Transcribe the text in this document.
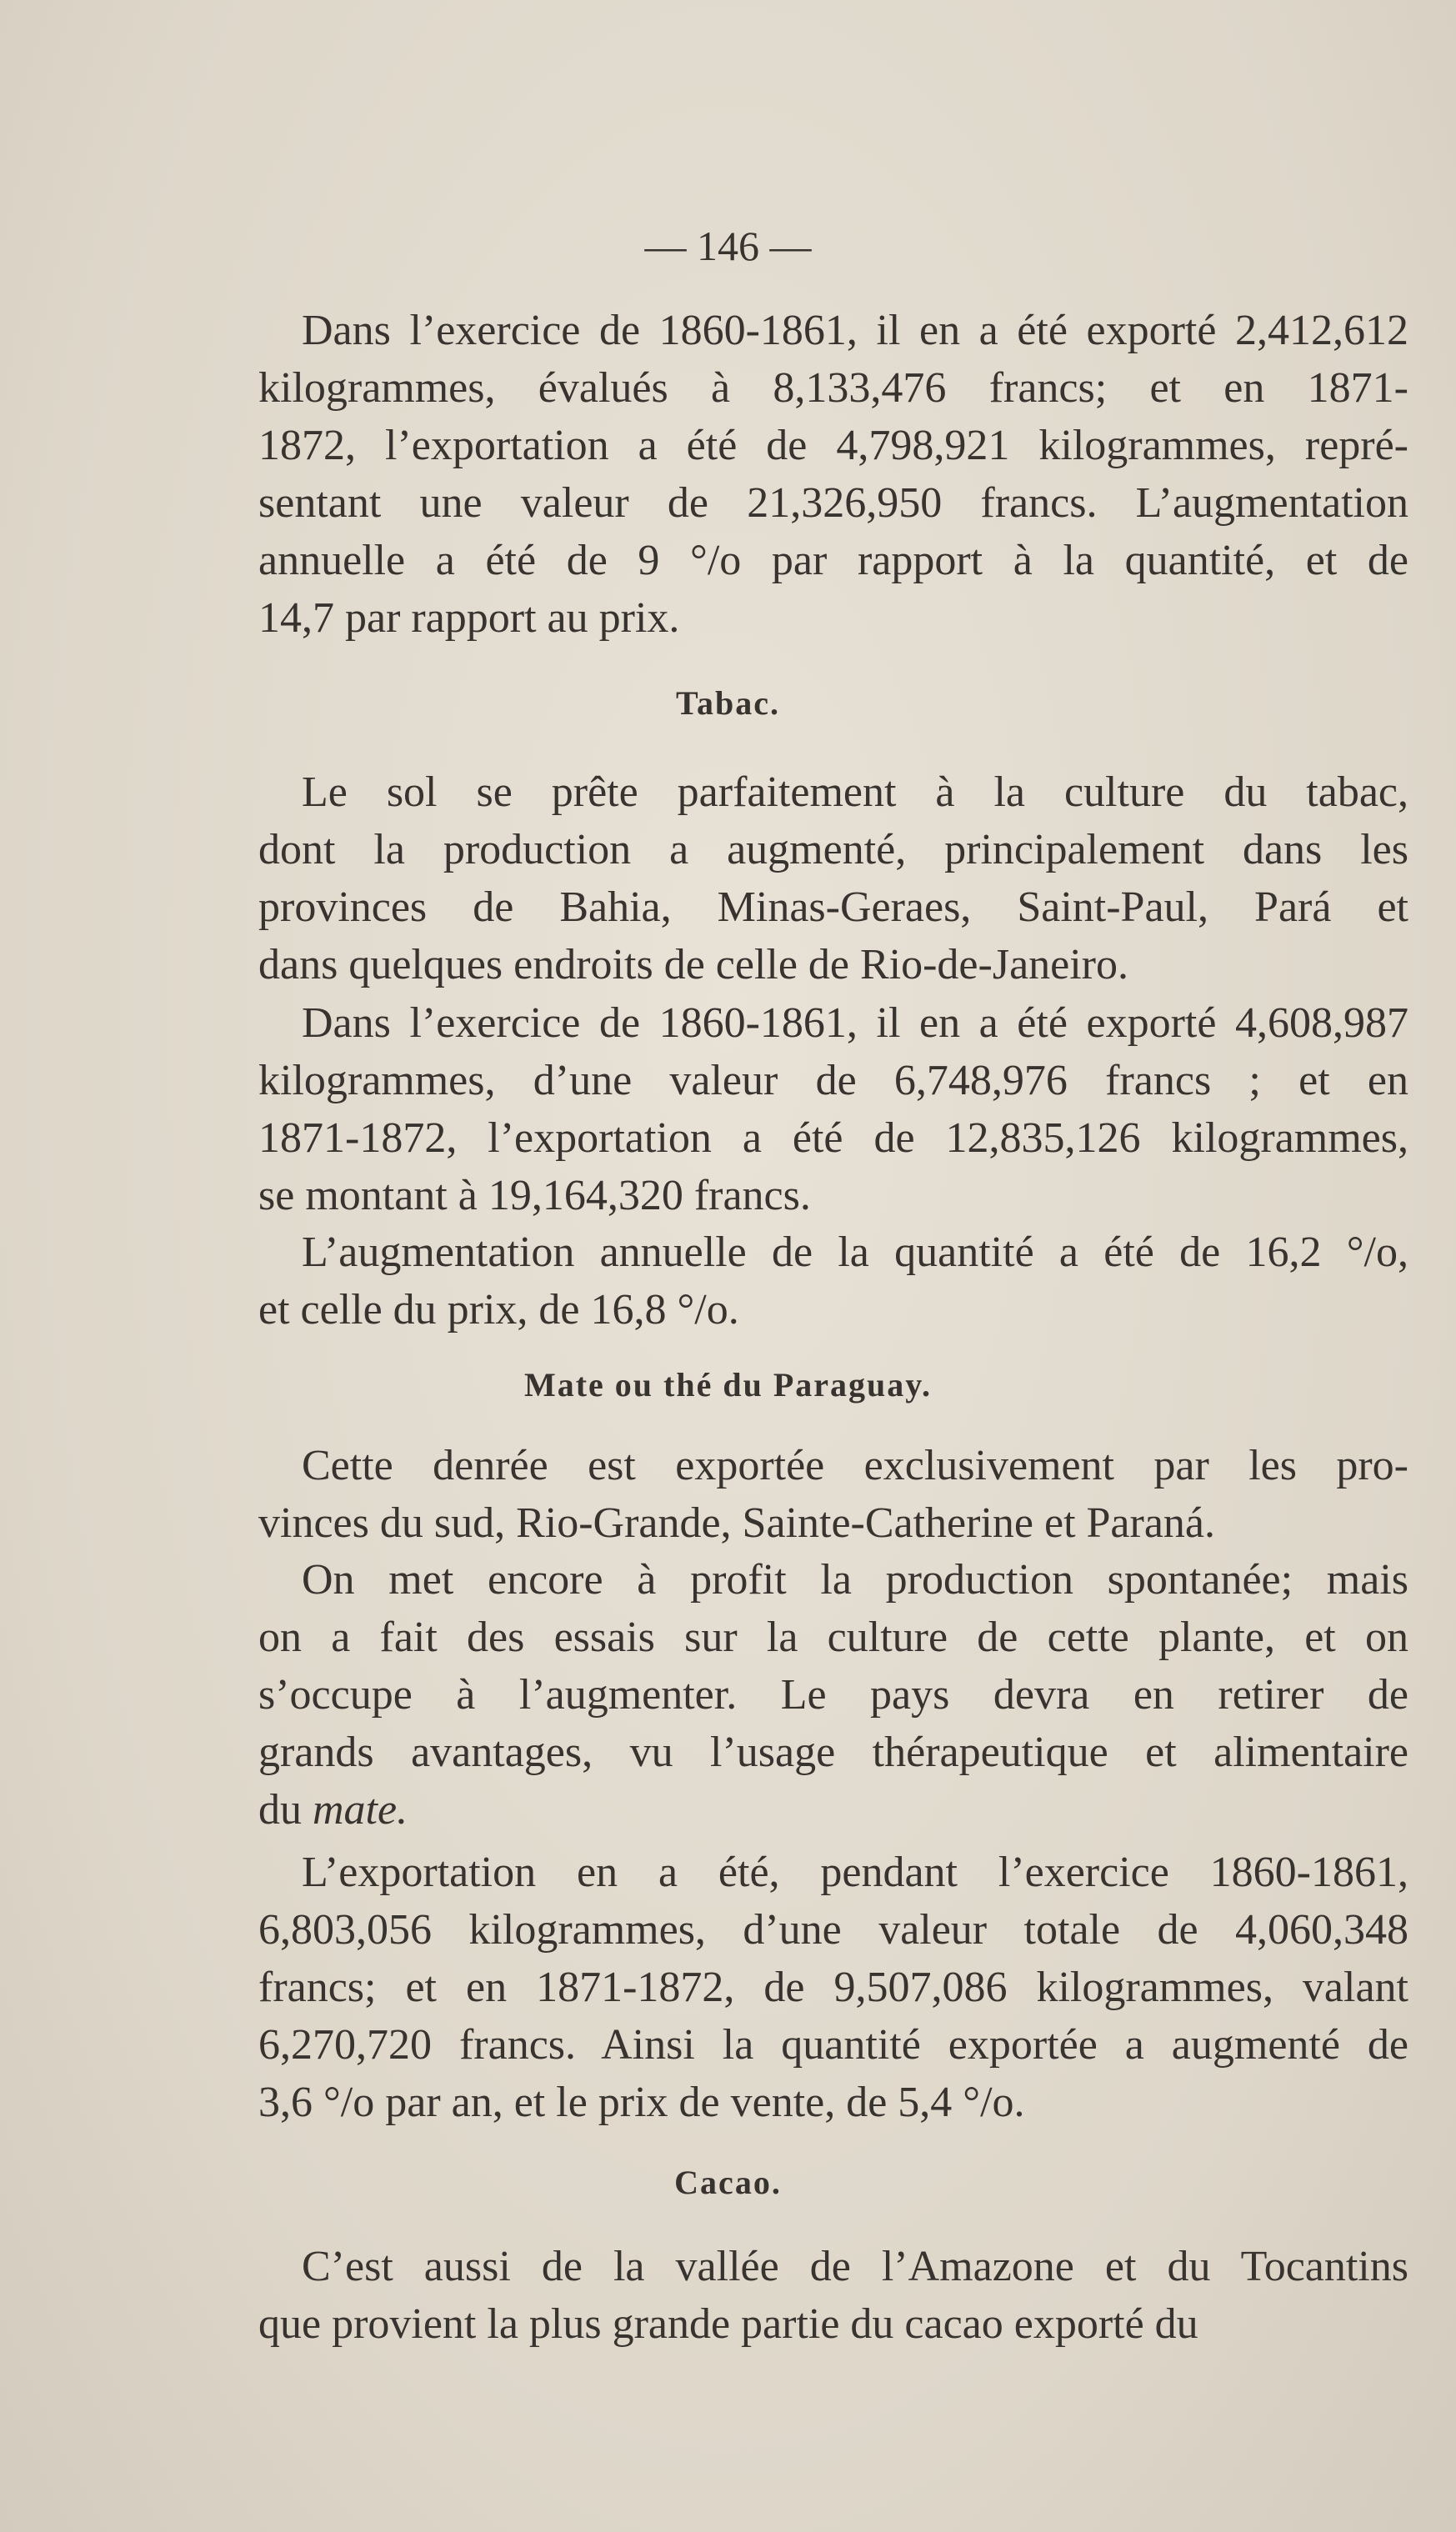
— 146 —
Dans l’exercice de 1860-1861, il en a été exporté 2,412,612
kilogrammes, évalués à 8,133,476 francs; et en 1871-
1872, l’exportation a été de 4,798,921 kilogrammes, repré-
sentant une valeur de 21,326,950 francs. L’augmentation
annuelle a été de 9 °/o par rapport à la quantité, et de
14,7 par rapport au prix.
Tabac.
Le sol se prête parfaitement à la culture du tabac,
dont la production a augmenté, principalement dans les
provinces de Bahia, Minas-Geraes, Saint-Paul, Pará et
dans quelques endroits de celle de Rio-de-Janeiro.
Dans l’exercice de 1860-1861, il en a été exporté 4,608,987
kilogrammes, d’une valeur de 6,748,976 francs ; et en
1871-1872, l’exportation a été de 12,835,126 kilogrammes,
se montant à 19,164,320 francs.
L’augmentation annuelle de la quantité a été de 16,2 °/o,
et celle du prix, de 16,8 °/o.
Mate ou thé du Paraguay.
Cette denrée est exportée exclusivement par les pro-
vinces du sud, Rio-Grande, Sainte-Catherine et Paraná.
On met encore à profit la production spontanée; mais
on a fait des essais sur la culture de cette plante, et on
s’occupe à l’augmenter. Le pays devra en retirer de
grands avantages, vu l’usage thérapeutique et alimentaire
du mate.
L’exportation en a été, pendant l’exercice 1860-1861,
6,803,056 kilogrammes, d’une valeur totale de 4,060,348
francs; et en 1871-1872, de 9,507,086 kilogrammes, valant
6,270,720 francs. Ainsi la quantité exportée a augmenté de
3,6 °/o par an, et le prix de vente, de 5,4 °/o.
Cacao.
C’est aussi de la vallée de l’Amazone et du Tocantins
que provient la plus grande partie du cacao exporté du
